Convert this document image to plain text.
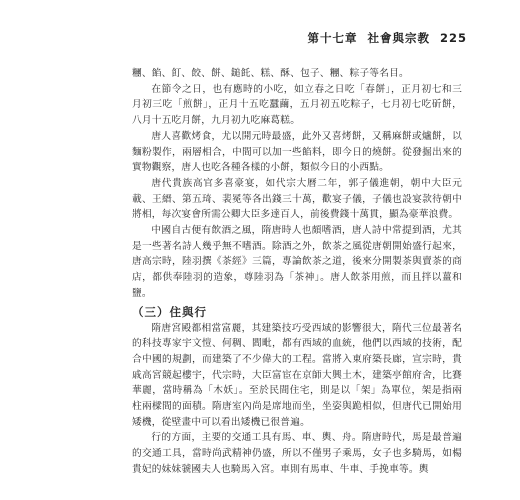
第十七章 社會與宗教 225

糰、餡、飣、餃、餅、鎚飥、糕、酥、包子、糰、粽子等名目。

在節令之日，也有應時的小吃，如立春之日吃「春餅」，正月初七和三月初三吃「煎餅」，正月十五吃蠶繭，五月初五吃粽子，七月初七吃斫餅，八月十五吃月餅，九月初九吃麻葛糕。

唐人喜歡烤食，尤以開元時最盛，此外又喜烤餅，又稱麻餅或爐餅，以麵粉製作，兩層相合，中間可以加一些餡料，即今日的燒餅。從發掘出來的實物觀察，唐人也吃各種各樣的小餅，類似今日的小西點。

唐代貴族高官多喜豪宴，如代宗大曆二年，郭子儀進朝，朝中大臣元載、王縉、第五琦、裴冕等各出錢三十萬，歡宴子儀，子儀也設宴款待朝中將相，每次宴會所需公卿大臣多達百人，前後費錢十萬貫，顯為豪華浪費。

中國自古便有飲酒之風，隋唐時人也頗嗜酒，唐人詩中常提到酒，尤其是一些著名詩人幾乎無不嗜酒。除酒之外，飲茶之風從唐朝開始盛行起來，唐高宗時，陸羽撰《茶經》三篇，專論飲茶之道，後來分開製茶與賣茶的商店，都供奉陸羽的造象，尊陸羽為「茶神」。唐人飲茶用煎，而且拌以薑和鹽。

（三）住與行

隋唐宮殿都相當富麗，其建築技巧受西域的影響很大，隋代三位最著名的科技專家宇文愷、何稠、閻毗，都有西域的血統，他們以西域的技術，配合中國的規劃，而建築了不少偉大的工程。當將入東府築長廊，宣宗時，貴戚高宮競起樓宇，代宗時，大臣富宦在京師大興土木，建築亭館府舍，比賽華麗，當時稱為「木妖」。至於民間住宅，則是以「架」為單位，架是指兩柱兩樑間的面積。隋唐室內尚是席地而坐，坐姿與跪相似，但唐代已開始用矮機，從壁畫中可以看出矮機已很普遍。

行的方面，主要的交通工具有馬、車、輿、舟。隋唐時代，馬是最普遍的交通工具，當時尚武精神仍盛，所以不僅男子乘馬，女子也多騎馬，如楊貴妃的妹妹虢國夫人也騎馬入宮。車則有馬車、牛車、手挽車等。輿
